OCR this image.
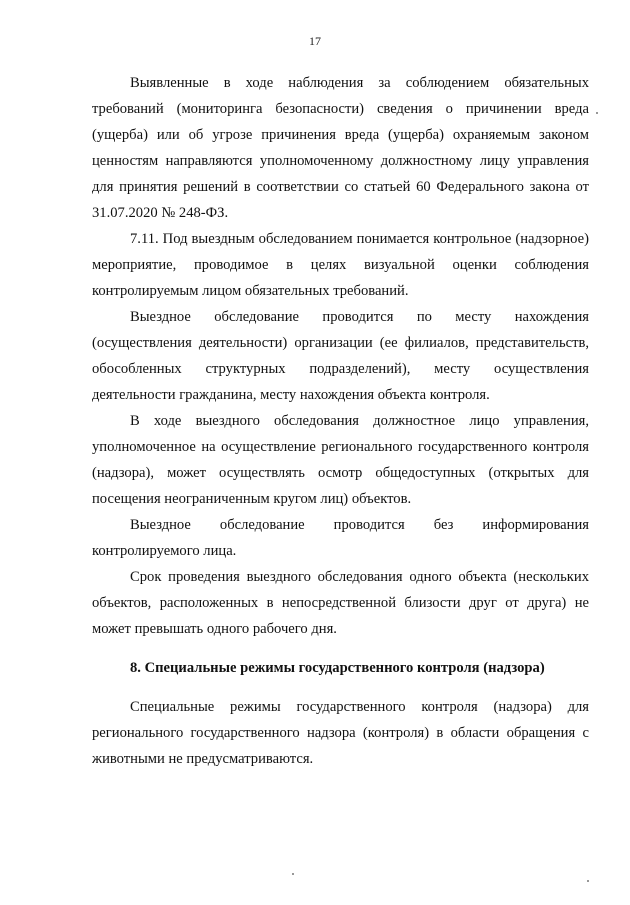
17

Выявленные в ходе наблюдения за соблюдением обязательных требований (мониторинга безопасности) сведения о причинении вреда (ущерба) или об угрозе причинения вреда (ущерба) охраняемым законом ценностям направляются уполномоченному должностному лицу управления для принятия решений в соответствии со статьей 60 Федерального закона от 31.07.2020 № 248-ФЗ.

7.11. Под выездным обследованием понимается контрольное (надзорное) мероприятие, проводимое в целях визуальной оценки соблюдения контролируемым лицом обязательных требований.

Выездное обследование проводится по месту нахождения (осуществления деятельности) организации (ее филиалов, представительств, обособленных структурных подразделений), месту осуществления деятельности гражданина, месту нахождения объекта контроля.

В ходе выездного обследования должностное лицо управления, уполномоченное на осуществление регионального государственного контроля (надзора), может осуществлять осмотр общедоступных (открытых для посещения неограниченным кругом лиц) объектов.

Выездное обследование проводится без информирования контролируемого лица.

Срок проведения выездного обследования одного объекта (нескольких объектов, расположенных в непосредственной близости друг от друга) не может превышать одного рабочего дня.

8. Специальные режимы государственного контроля (надзора)

Специальные режимы государственного контроля (надзора) для регионального государственного надзора (контроля) в области обращения с животными не предусматриваются.
